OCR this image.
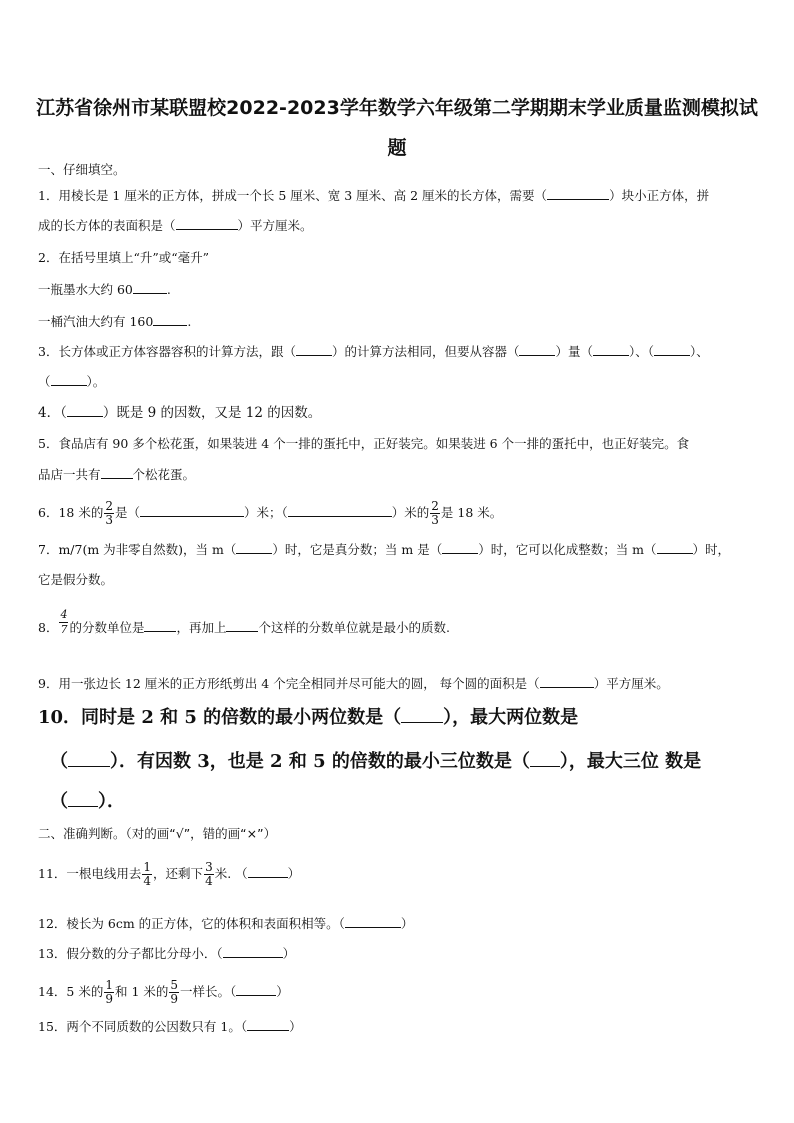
江苏省徐州市某联盟校2022-2023学年数学六年级第二学期期末学业质量监测模拟试
题
一、仔细填空。
1．用棱长是 1 厘米的正方体，拼成一个长 5 厘米、宽 3 厘米、高 2 厘米的长方体，需要（	）块小正方体，拼
成的长方体的表面积是（	）平方厘米。
2．在括号里填上“升”或“毫升”
一瓶墨水大约 60	.
一桶汽油大约有 160	.
3．长方体或正方体容器容积的计算方法，跟（	）的计算方法相同，但要从容器（	）量（	）、（	）、
（	）。
4．（	）既是 9 的因数，又是 12 的因数。
5．食品店有 90 多个松花蛋，如果装进 4 个一排的蛋托中，正好装完。如果装进 6 个一排的蛋托中，也正好装完。食
品店一共有	个松花蛋。
6．18 米的 $\frac{2}{3}$ 是（	）米；（	）米的 $\frac{2}{3}$ 是 18 米。
7．m/7(m 为非零自然数)，当 m（	）时，它是真分数；当 m 是（	）时，它可以化成整数；当 m（	）时，
它是假分数。
8． $\frac{4}{7}$ 的分数单位是	，再加上	个这样的分数单位就是最小的质数.
9．用一张边长 12 厘米的正方形纸剪出 4 个完全相同并尽可能大的圆， 每个圆的面积是（	）平方厘米。
10．同时是 2 和 5 的倍数的最小两位数是（ ），最大两位数是
（ ）．有因数 3，也是 2 和 5 的倍数的最小三位数是（ ），最大三位 数是
（ ）．
二、准确判断。（对的画“√”，错的画“×”）
11．一根电线用去 $\frac{1}{4}$ ，还剩下 $\frac{3}{4}$ 米. （	）
12．棱长为 6cm 的正方体，它的体积和表面积相等。（	）
13．假分数的分子都比分母小．（	）
14．5 米的 $\frac{1}{9}$ 和 1 米的 $\frac{5}{9}$ 一样长。（	）
15．两个不同质数的公因数只有 1。（	）
